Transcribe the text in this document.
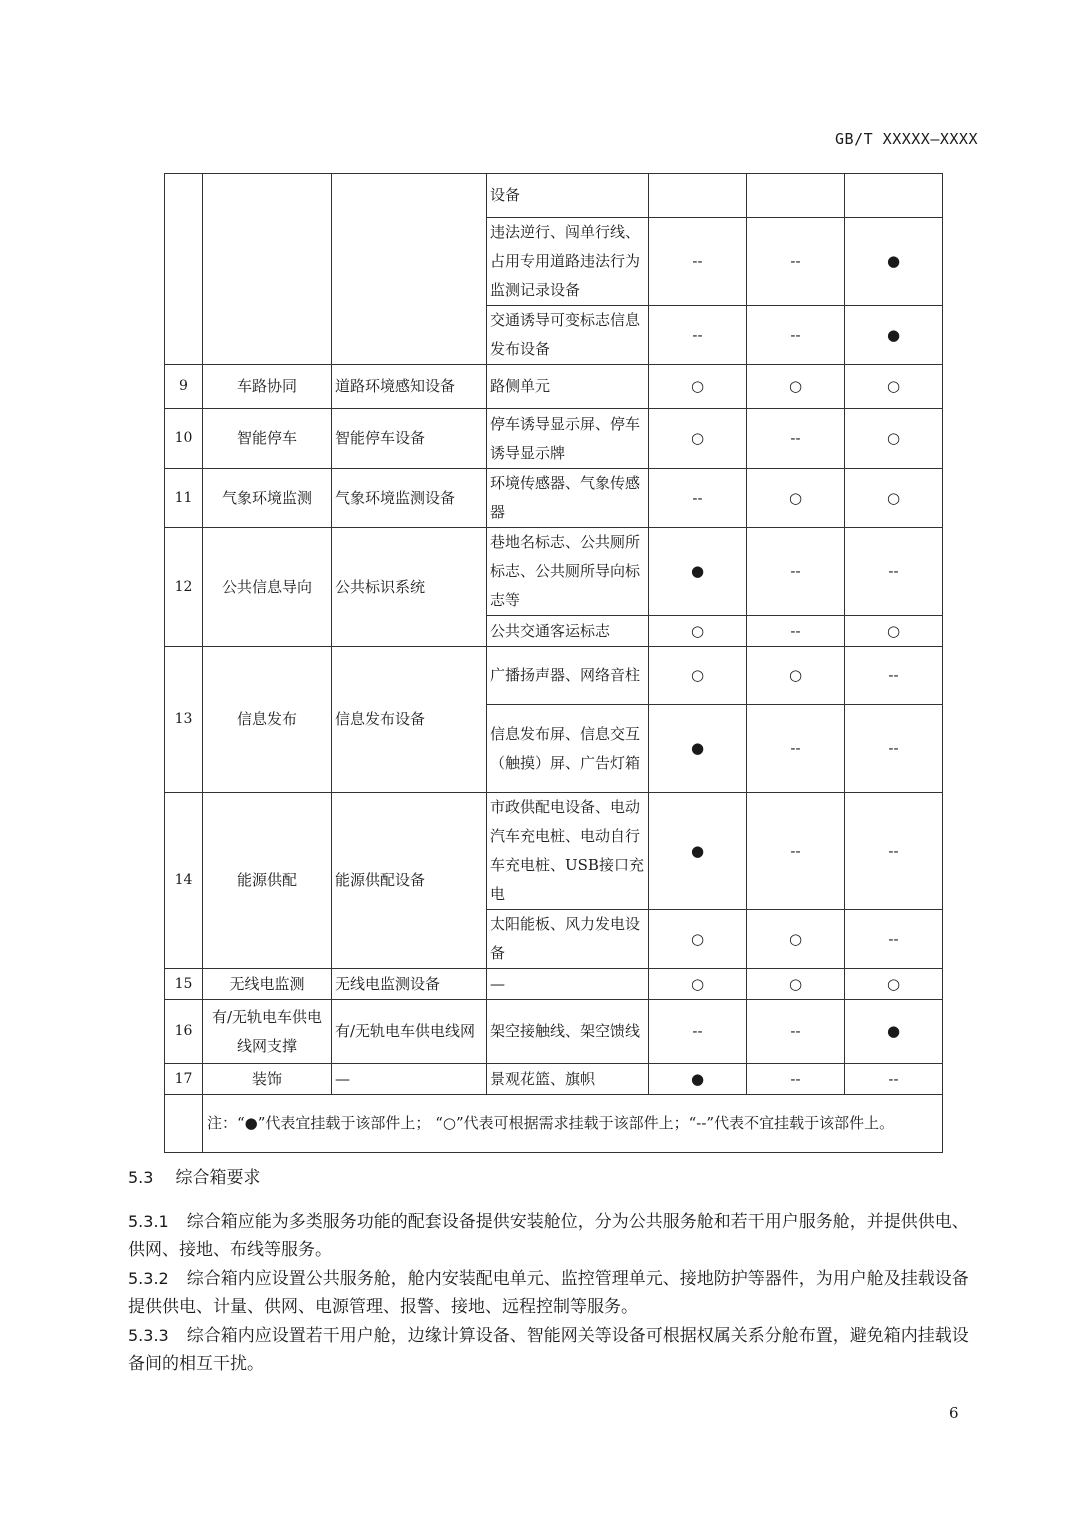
GB/T XXXXX—XXXX
			设备			
			违法逆行、闯单行线、占用专用道路违法行为监测记录设备	--	--	●
			交通诱导可变标志信息发布设备	--	--	●
9	车路协同	道路环境感知设备	路侧单元	○	○	○
10	智能停车	智能停车设备	停车诱导显示屏、停车诱导显示牌	○	--	○
11	气象环境监测	气象环境监测设备	环境传感器、气象传感器	--	○	○
12	公共信息导向	公共标识系统	巷地名标志、公共厕所标志、公共厕所导向标志等	●	--	--
			公共交通客运标志	○	--	○
13	信息发布	信息发布设备	广播扬声器、网络音柱	○	○	--
			信息发布屏、信息交互（触摸）屏、广告灯箱	●	--	--
14	能源供配	能源供配设备	市政供配电设备、电动汽车充电桩、电动自行车充电桩、USB接口充电	●	--	--
			太阳能板、风力发电设备	○	○	--
15	无线电监测	无线电监测设备	—	○	○	○
16	有/无轨电车供电线网支撑	有/无轨电车供电线网	架空接触线、架空馈线	--	--	●
17	装饰	—	景观花篮、旗帜	●	--	--
	注：“●”代表宜挂载于该部件上； “○”代表可根据需求挂载于该部件上；“--”代表不宜挂载于该部件上。					
5.3 综合箱要求
5.3.1 综合箱应能为多类服务功能的配套设备提供安装舱位，分为公共服务舱和若干用户服务舱，并提供供电、供网、接地、布线等服务。
5.3.2 综合箱内应设置公共服务舱，舱内安装配电单元、监控管理单元、接地防护等器件，为用户舱及挂载设备提供供电、计量、供网、电源管理、报警、接地、远程控制等服务。
5.3.3 综合箱内应设置若干用户舱，边缘计算设备、智能网关等设备可根据权属关系分舱布置，避免箱内挂载设备间的相互干扰。
6
